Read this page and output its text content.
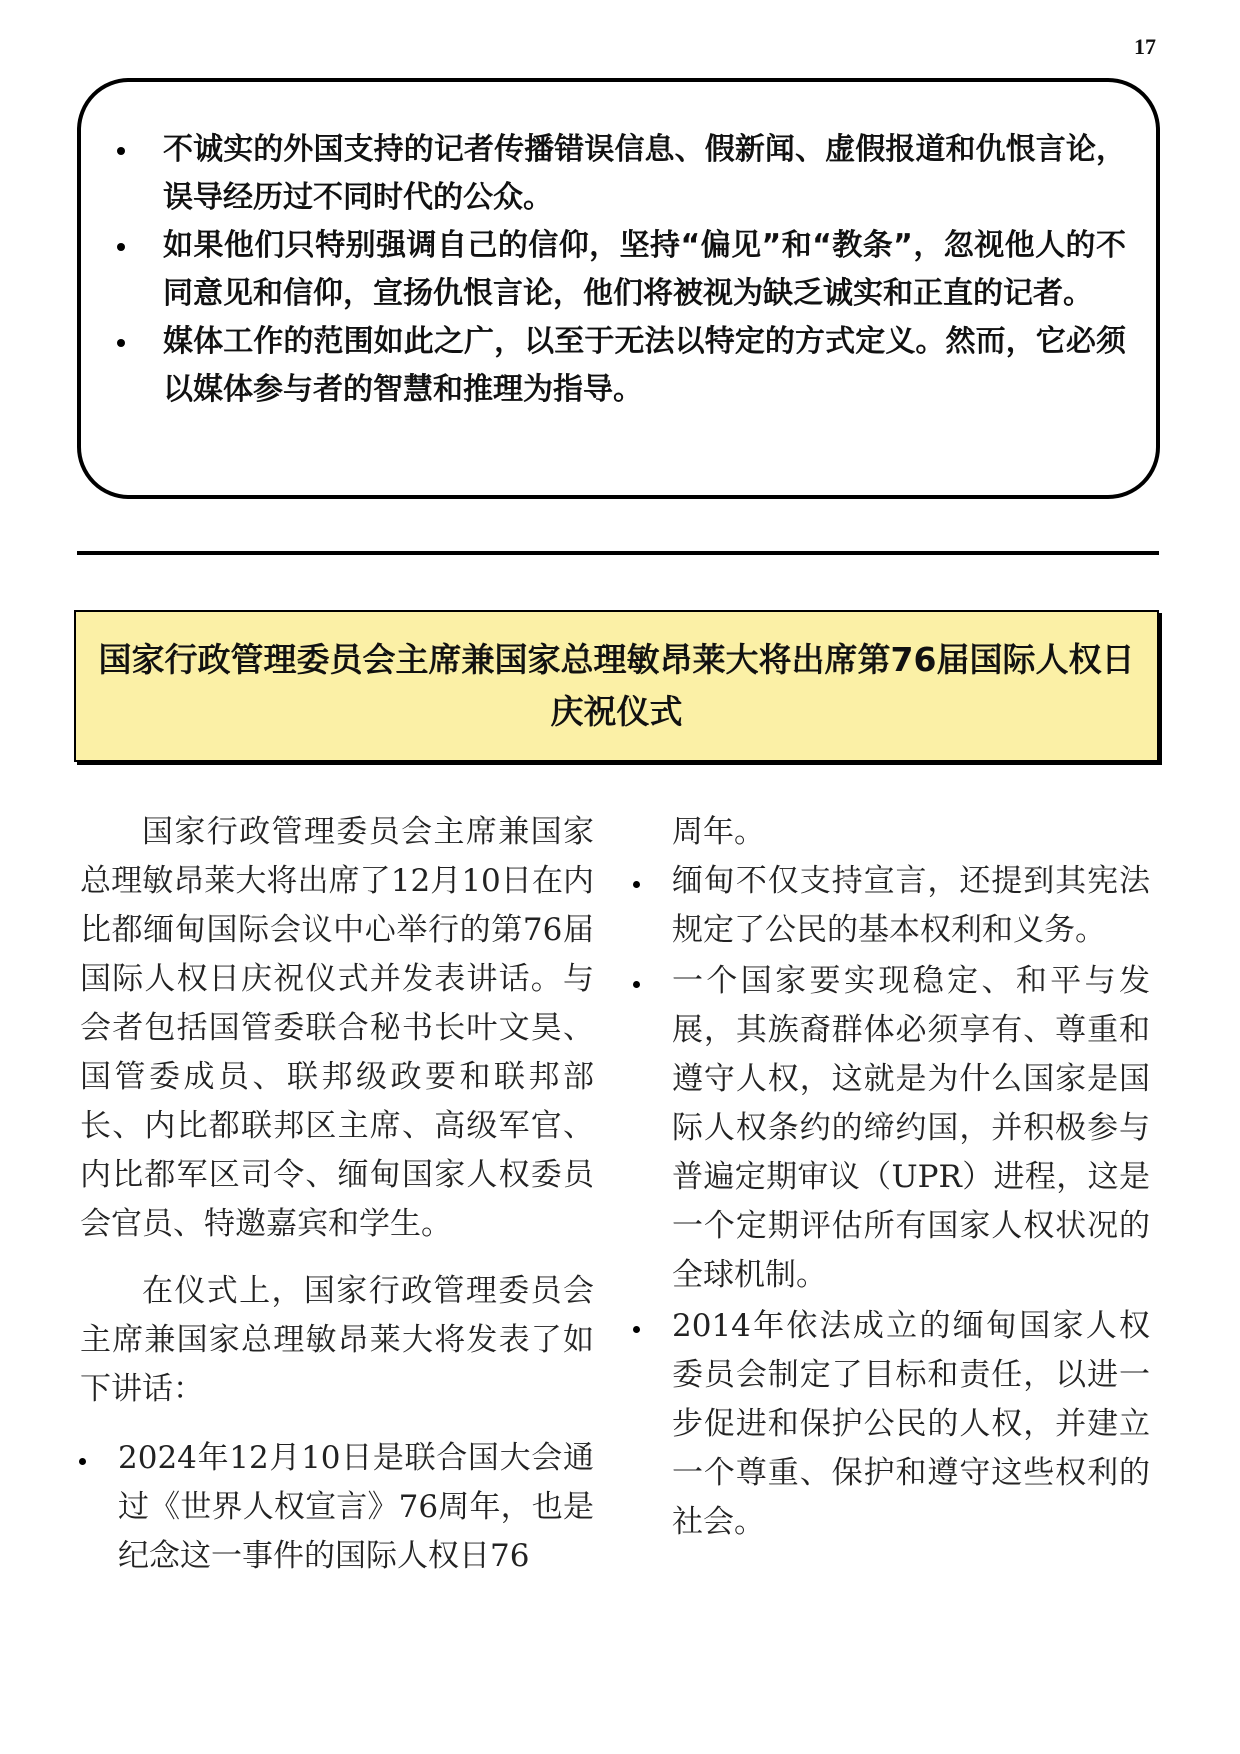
17
不诚实的外国支持的记者传播错误信息、假新闻、虚假报道和仇恨言论，误导经历过不同时代的公众。
如果他们只特别强调自己的信仰，坚持“偏见”和“教条”，忽视他人的不同意见和信仰，宣扬仇恨言论，他们将被视为缺乏诚实和正直的记者。
媒体工作的范围如此之广，以至于无法以特定的方式定义。然而，它必须以媒体参与者的智慧和推理为指导。
国家行政管理委员会主席兼国家总理敏昂莱大将出席第76届国际人权日庆祝仪式

国家行政管理委员会主席兼国家总理敏昂莱大将出席了12月10日在内比都缅甸国际会议中心举行的第76届国际人权日庆祝仪式并发表讲话。与会者包括国管委联合秘书长叶文昊、国管委成员、联邦级政要和联邦部长、内比都联邦区主席、高级军官、内比都军区司令、缅甸国家人权委员会官员、特邀嘉宾和学生。

在仪式上，国家行政管理委员会主席兼国家总理敏昂莱大将发表了如下讲话：

2024年12月10日是联合国大会通过《世界人权宣言》76周年，也是纪念这一事件的国际人权日76
周年。
缅甸不仅支持宣言，还提到其宪法规定了公民的基本权利和义务。
一个国家要实现稳定、和平与发展，其族裔群体必须享有、尊重和遵守人权，这就是为什么国家是国际人权条约的缔约国，并积极参与普遍定期审议（UPR）进程，这是一个定期评估所有国家人权状况的全球机制。
2014年依法成立的缅甸国家人权委员会制定了目标和责任，以进一步促进和保护公民的人权，并建立一个尊重、保护和遵守这些权利的社会。
